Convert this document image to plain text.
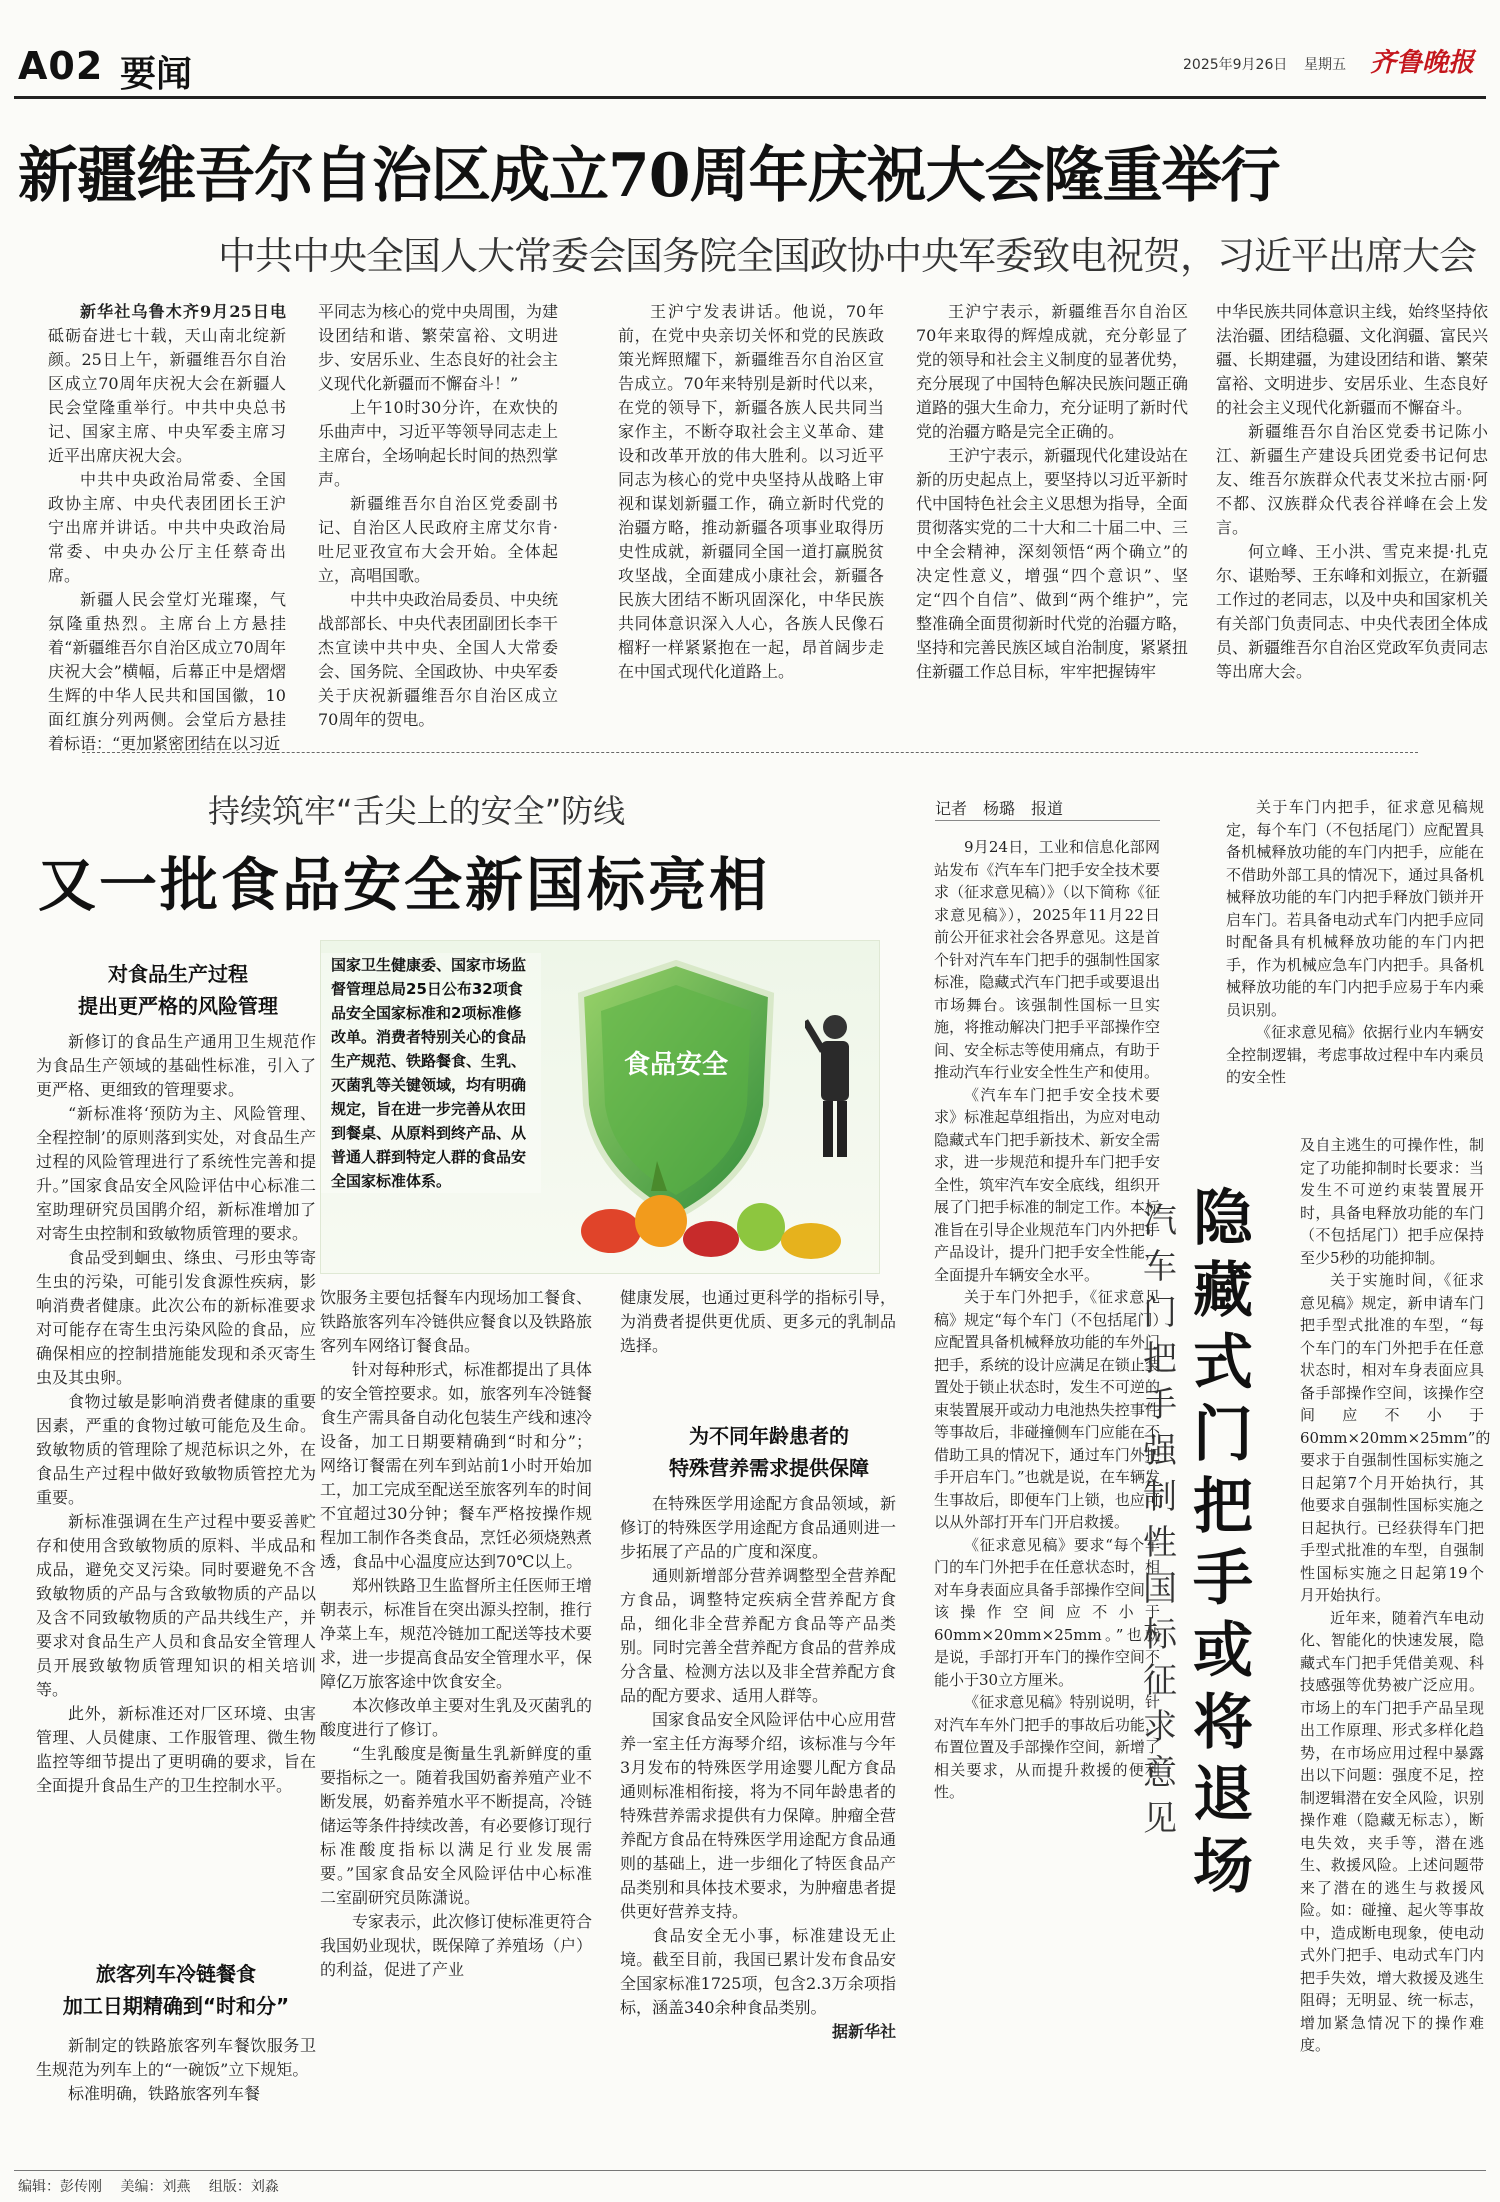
A02 要闻	2025年9月26日 星期五 齐鲁晚报
新疆维吾尔自治区成立70周年庆祝大会隆重举行
中共中央全国人大常委会国务院全国政协中央军委致电祝贺，习近平出席大会

新华社乌鲁木齐9月25日电砥砺奋进七十载，天山南北绽新颜。25日上午，新疆维吾尔自治区成立70周年庆祝大会在新疆人民会堂隆重举行。中共中央总书记、国家主席、中央军委主席习近平出席庆祝大会。

中共中央政治局常委、全国政协主席、中央代表团团长王沪宁出席并讲话。中共中央政治局常委、中央办公厅主任蔡奇出席。

新疆人民会堂灯光璀璨，气氛隆重热烈。主席台上方悬挂着“新疆维吾尔自治区成立70周年庆祝大会”横幅，后幕正中是熠熠生辉的中华人民共和国国徽，10面红旗分列两侧。会堂后方悬挂着标语：“更加紧密团结在以习近

平同志为核心的党中央周围，为建设团结和谐、繁荣富裕、文明进步、安居乐业、生态良好的社会主义现代化新疆而不懈奋斗！”

上午10时30分许，在欢快的乐曲声中，习近平等领导同志走上主席台，全场响起长时间的热烈掌声。

新疆维吾尔自治区党委副书记、自治区人民政府主席艾尔肯·吐尼亚孜宣布大会开始。全体起立，高唱国歌。

中共中央政治局委员、中央统战部部长、中央代表团副团长李干杰宣读中共中央、全国人大常委会、国务院、全国政协、中央军委关于庆祝新疆维吾尔自治区成立70周年的贺电。

王沪宁发表讲话。他说，70年前，在党中央亲切关怀和党的民族政策光辉照耀下，新疆维吾尔自治区宣告成立。70年来特别是新时代以来，在党的领导下，新疆各族人民共同当家作主，不断夺取社会主义革命、建设和改革开放的伟大胜利。以习近平同志为核心的党中央坚持从战略上审视和谋划新疆工作，确立新时代党的治疆方略，推动新疆各项事业取得历史性成就，新疆同全国一道打赢脱贫攻坚战，全面建成小康社会，新疆各民族大团结不断巩固深化，中华民族共同体意识深入人心，各族人民像石榴籽一样紧紧抱在一起，昂首阔步走在中国式现代化道路上。

王沪宁表示，新疆维吾尔自治区70年来取得的辉煌成就，充分彰显了党的领导和社会主义制度的显著优势，充分展现了中国特色解决民族问题正确道路的强大生命力，充分证明了新时代党的治疆方略是完全正确的。

王沪宁表示，新疆现代化建设站在新的历史起点上，要坚持以习近平新时代中国特色社会主义思想为指导，全面贯彻落实党的二十大和二十届二中、三中全会精神，深刻领悟“两个确立”的决定性意义，增强“四个意识”、坚定“四个自信”、做到“两个维护”，完整准确全面贯彻新时代党的治疆方略，坚持和完善民族区域自治制度，紧紧扭住新疆工作总目标，牢牢把握铸牢

中华民族共同体意识主线，始终坚持依法治疆、团结稳疆、文化润疆、富民兴疆、长期建疆，为建设团结和谐、繁荣富裕、文明进步、安居乐业、生态良好的社会主义现代化新疆而不懈奋斗。

新疆维吾尔自治区党委书记陈小江、新疆生产建设兵团党委书记何忠友、维吾尔族群众代表艾米拉古丽·阿不都、汉族群众代表谷祥峰在会上发言。

何立峰、王小洪、雪克来提·扎克尔、谌贻琴、王东峰和刘振立，在新疆工作过的老同志，以及中央和国家机关有关部门负责同志、中央代表团全体成员、新疆维吾尔自治区党政军负责同志等出席大会。

持续筑牢“舌尖上的安全”防线
又一批食品安全新国标亮相
对食品生产过程
提出更严格的风险管理
国家卫生健康委、国家市场监督管理总局25日公布32项食品安全国家标准和2项标准修改单。消费者特别关心的食品生产规范、铁路餐食、生乳、灭菌乳等关键领域，均有明确规定，旨在进一步完善从农田到餐桌、从原料到终产品、从普通人群到特定人群的食品安全国家标准体系。
食品安全

新修订的食品生产通用卫生规范作为食品生产领域的基础性标准，引入了更严格、更细致的管理要求。

“新标准将‘预防为主、风险管理、全程控制’的原则落到实处，对食品生产过程的风险管理进行了系统性完善和提升。”国家食品安全风险评估中心标准二室助理研究员国鹃介绍，新标准增加了对寄生虫控制和致敏物质管理的要求。

食品受到蛔虫、绦虫、弓形虫等寄生虫的污染，可能引发食源性疾病，影响消费者健康。此次公布的新标准要求对可能存在寄生虫污染风险的食品，应确保相应的控制措施能发现和杀灭寄生虫及其虫卵。

食物过敏是影响消费者健康的重要因素，严重的食物过敏可能危及生命。致敏物质的管理除了规范标识之外，在食品生产过程中做好致敏物质管控尤为重要。

新标准强调在生产过程中要妥善贮存和使用含致敏物质的原料、半成品和成品，避免交叉污染。同时要避免不含致敏物质的产品与含致敏物质的产品以及含不同致敏物质的产品共线生产，并要求对食品生产人员和食品安全管理人员开展致敏物质管理知识的相关培训等。

此外，新标准还对厂区环境、虫害管理、人员健康、工作服管理、微生物监控等细节提出了更明确的要求，旨在全面提升食品生产的卫生控制水平。

旅客列车冷链餐食
加工日期精确到“时和分”

新制定的铁路旅客列车餐饮服务卫生规范为列车上的“一碗饭”立下规矩。

标准明确，铁路旅客列车餐

饮服务主要包括餐车内现场加工餐食、铁路旅客列车冷链供应餐食以及铁路旅客列车网络订餐食品。

针对每种形式，标准都提出了具体的安全管控要求。如，旅客列车冷链餐食生产需具备自动化包装生产线和速冷设备，加工日期要精确到“时和分”；网络订餐需在列车到站前1小时开始加工，加工完成至配送至旅客列车的时间不宜超过30分钟；餐车严格按操作规程加工制作各类食品，烹饪必须烧熟煮透，食品中心温度应达到70℃以上。

郑州铁路卫生监督所主任医师王增朝表示，标准旨在突出源头控制，推行净菜上车，规范冷链加工配送等技术要求，进一步提高食品安全管理水平，保障亿万旅客途中饮食安全。

本次修改单主要对生乳及灭菌乳的酸度进行了修订。

“生乳酸度是衡量生乳新鲜度的重要指标之一。随着我国奶畜养殖产业不断发展，奶畜养殖水平不断提高，冷链储运等条件持续改善，有必要修订现行标准酸度指标以满足行业发展需要。”国家食品安全风险评估中心标准二室副研究员陈潇说。

专家表示，此次修订使标准更符合我国奶业现状，既保障了养殖场（户）的利益，促进了产业

健康发展，也通过更科学的指标引导，为消费者提供更优质、更多元的乳制品选择。

为不同年龄患者的
特殊营养需求提供保障

在特殊医学用途配方食品领域，新修订的特殊医学用途配方食品通则进一步拓展了产品的广度和深度。

通则新增部分营养调整型全营养配方食品，调整特定疾病全营养配方食品，细化非全营养配方食品等产品类别。同时完善全营养配方食品的营养成分含量、检测方法以及非全营养配方食品的配方要求、适用人群等。

国家食品安全风险评估中心应用营养一室主任方海琴介绍，该标准与今年3月发布的特殊医学用途婴儿配方食品通则标准相衔接，将为不同年龄患者的特殊营养需求提供有力保障。肿瘤全营养配方食品在特殊医学用途配方食品通则的基础上，进一步细化了特医食品产品类别和具体技术要求，为肿瘤患者提供更好营养支持。

食品安全无小事，标准建设无止境。截至目前，我国已累计发布食品安全国家标准1725项，包含2.3万余项指标，涵盖340余种食品类别。

据新华社

记者　杨璐　报道

9月24日，工业和信息化部网站发布《汽车车门把手安全技术要求（征求意见稿）》（以下简称《征求意见稿》），2025年11月22日前公开征求社会各界意见。这是首个针对汽车车门把手的强制性国家标准，隐藏式汽车门把手或要退出市场舞台。该强制性国标一旦实施，将推动解决门把手平部操作空间、安全标志等使用痛点，有助于推动汽车行业安全性生产和使用。

《汽车车门把手安全技术要求》标准起草组指出，为应对电动隐藏式车门把手新技术、新安全需求，进一步规范和提升车门把手安全性，筑牢汽车安全底线，组织开展了门把手标准的制定工作。本标准旨在引导企业规范车门内外把手产品设计，提升门把手安全性能，全面提升车辆安全水平。

关于车门外把手，《征求意见稿》规定“每个车门（不包括尾门）应配置具备机械释放功能的车外门把手，系统的设计应满足在锁止装置处于锁止状态时，发生不可逆的束装置展开或动力电池热失控事件等事故后，非碰撞侧车门应能在不借助工具的情况下，通过车门外把手开启车门。”也就是说，在车辆发生事故后，即便车门上锁，也应可以从外部打开车门开启救援。

《征求意见稿》要求“每个车门的车门外把手在任意状态时，相对车身表面应具备手部操作空间，该操作空间应不小于60mm×20mm×25mm。”也就是说，手部打开车门的操作空间不能小于30立方厘米。

《征求意见稿》特别说明，针对汽车车外门把手的事故后功能，布置位置及手部操作空间，新增了相关要求，从而提升救援的便利性。

关于车门内把手，征求意见稿规定，每个车门（不包括尾门）应配置具备机械释放功能的车门内把手，应能在不借助外部工具的情况下，通过具备机械释放功能的车门内把手释放门锁并开启车门。若具备电动式车门内把手应同时配备具有机械释放功能的车门内把手，作为机械应急车门内把手。具备机械释放功能的车门内把手应易于车内乘员识别。

《征求意见稿》依据行业内车辆安全控制逻辑，考虑事故过程中车内乘员的安全性

汽车门把手强制性国标征求意见
隐藏式门把手或将退场

及自主逃生的可操作性，制定了功能抑制时长要求：当发生不可逆约束装置展开时，具备电释放功能的车门（不包括尾门）把手应保持至少5秒的功能抑制。

关于实施时间，《征求意见稿》规定，新申请车门把手型式批准的车型，“每个车门的车门外把手在任意状态时，相对车身表面应具备手部操作空间，该操作空间应不小于60mm×20mm×25mm”的要求于自强制性国标实施之日起第7个月开始执行，其他要求自强制性国标实施之日起执行。已经获得车门把手型式批准的车型，自强制性国标实施之日起第19个月开始执行。

近年来，随着汽车电动化、智能化的快速发展，隐藏式车门把手凭借美观、科技感强等优势被广泛应用。市场上的车门把手产品呈现出工作原理、形式多样化趋势，在市场应用过程中暴露出以下问题：强度不足，控制逻辑潜在安全风险，识别操作难（隐藏无标志），断电失效，夹手等，潜在逃生、救援风险。上述问题带来了潜在的逃生与救援风险。如：碰撞、起火等事故中，造成断电现象，使电动式外门把手、电动式车门内把手失效，增大救援及逃生阻碍；无明显、统一标志，增加紧急情况下的操作难度。

编辑：彭传刚 美编：刘燕 组版：刘淼
